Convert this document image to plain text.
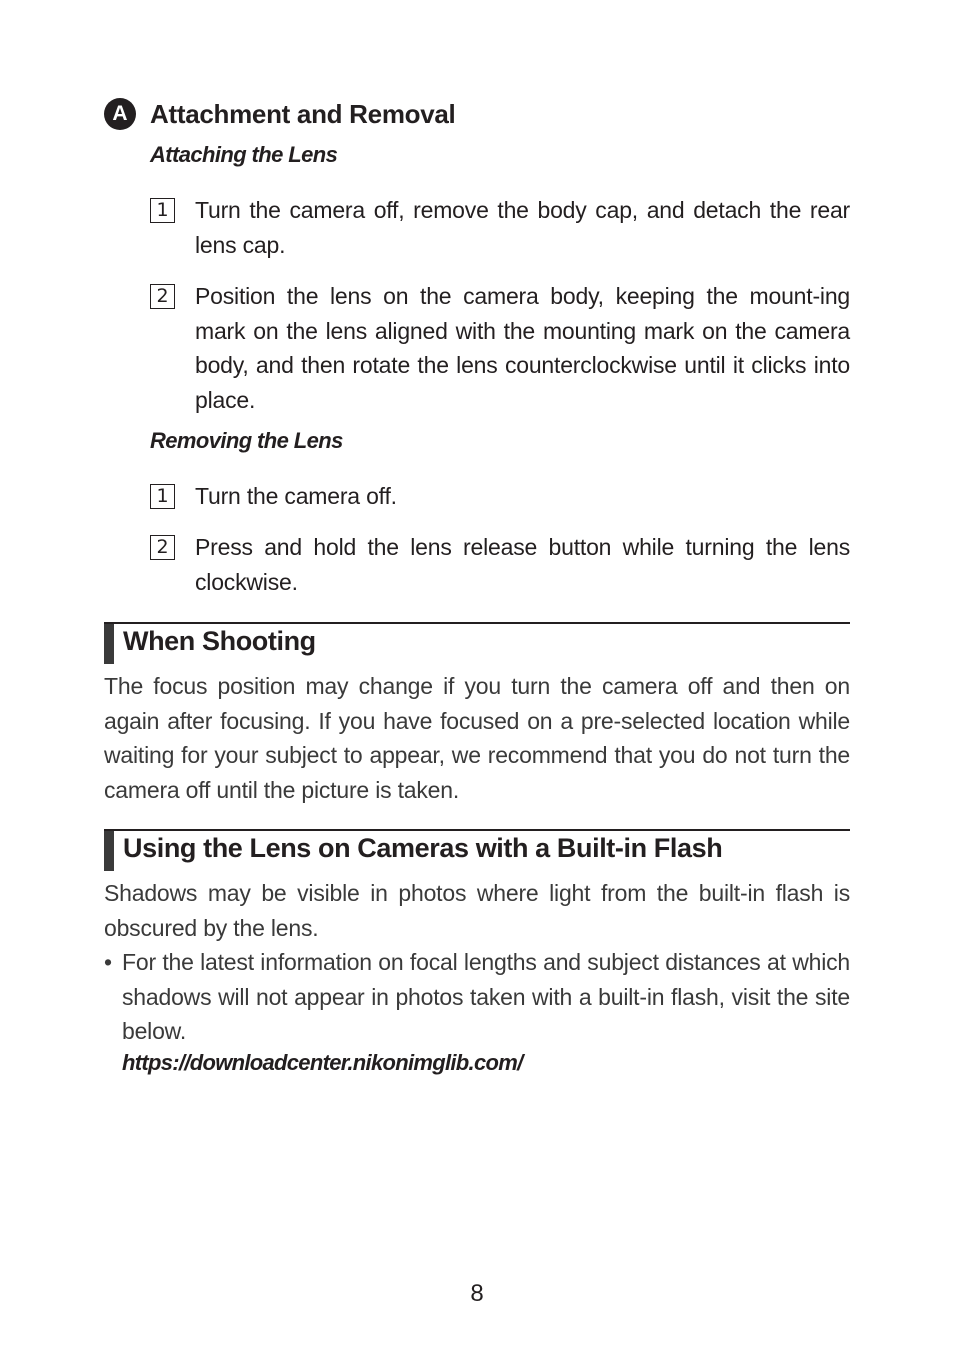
A Attachment and Removal
Attaching the Lens
1 Turn the camera off, remove the body cap, and detach the rear lens cap.
2 Position the lens on the camera body, keeping the mount-ing mark on the lens aligned with the mounting mark on the camera body, and then rotate the lens counterclockwise until it clicks into place.
Removing the Lens
1 Turn the camera off.
2 Press and hold the lens release button while turning the lens clockwise.
When Shooting
The focus position may change if you turn the camera off and then on again after focusing. If you have focused on a pre-selected location while waiting for your subject to appear, we recommend that you do not turn the camera off until the picture is taken.
Using the Lens on Cameras with a Built-in Flash
Shadows may be visible in photos where light from the built-in flash is obscured by the lens.
• For the latest information on focal lengths and subject distances at which shadows will not appear in photos taken with a built-in flash, visit the site below.
https://downloadcenter.nikonimglib.com/
8
